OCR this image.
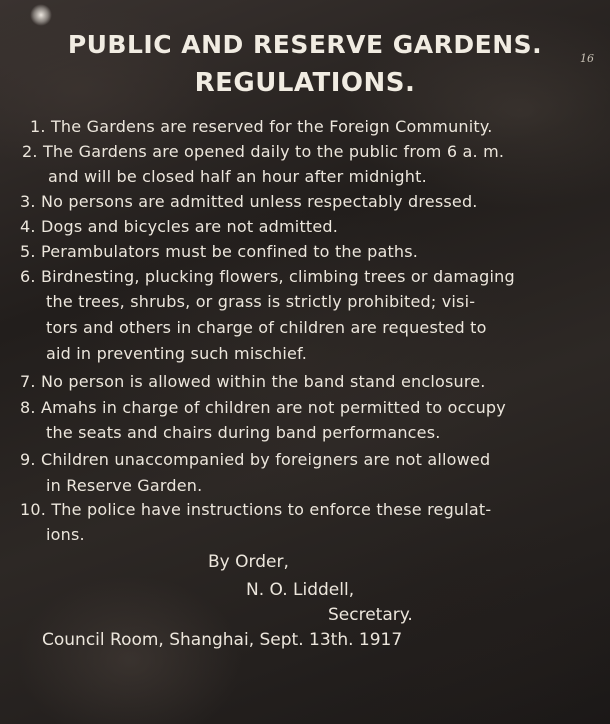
PUBLIC AND RESERVE GARDENS.
REGULATIONS.
16
1. The Gardens are reserved for the Foreign Community.
2. The Gardens are opened daily to the public from 6 a. m.
and will be closed half an hour after midnight.
3. No persons are admitted unless respectably dressed.
4. Dogs and bicycles are not admitted.
5. Perambulators must be confined to the paths.
6. Birdnesting, plucking flowers, climbing trees or damaging
the trees, shrubs, or grass is strictly prohibited; visi-
tors and others in charge of children are requested to
aid in preventing such mischief.
7. No person is allowed within the band stand enclosure.
8. Amahs in charge of children are not permitted to occupy
the seats and chairs during band performances.
9. Children unaccompanied by foreigners are not allowed
in Reserve Garden.
10. The police have instructions to enforce these regulat-
ions.
By Order,
N. O. Liddell,
Secretary.
Council Room, Shanghai, Sept. 13th. 1917
